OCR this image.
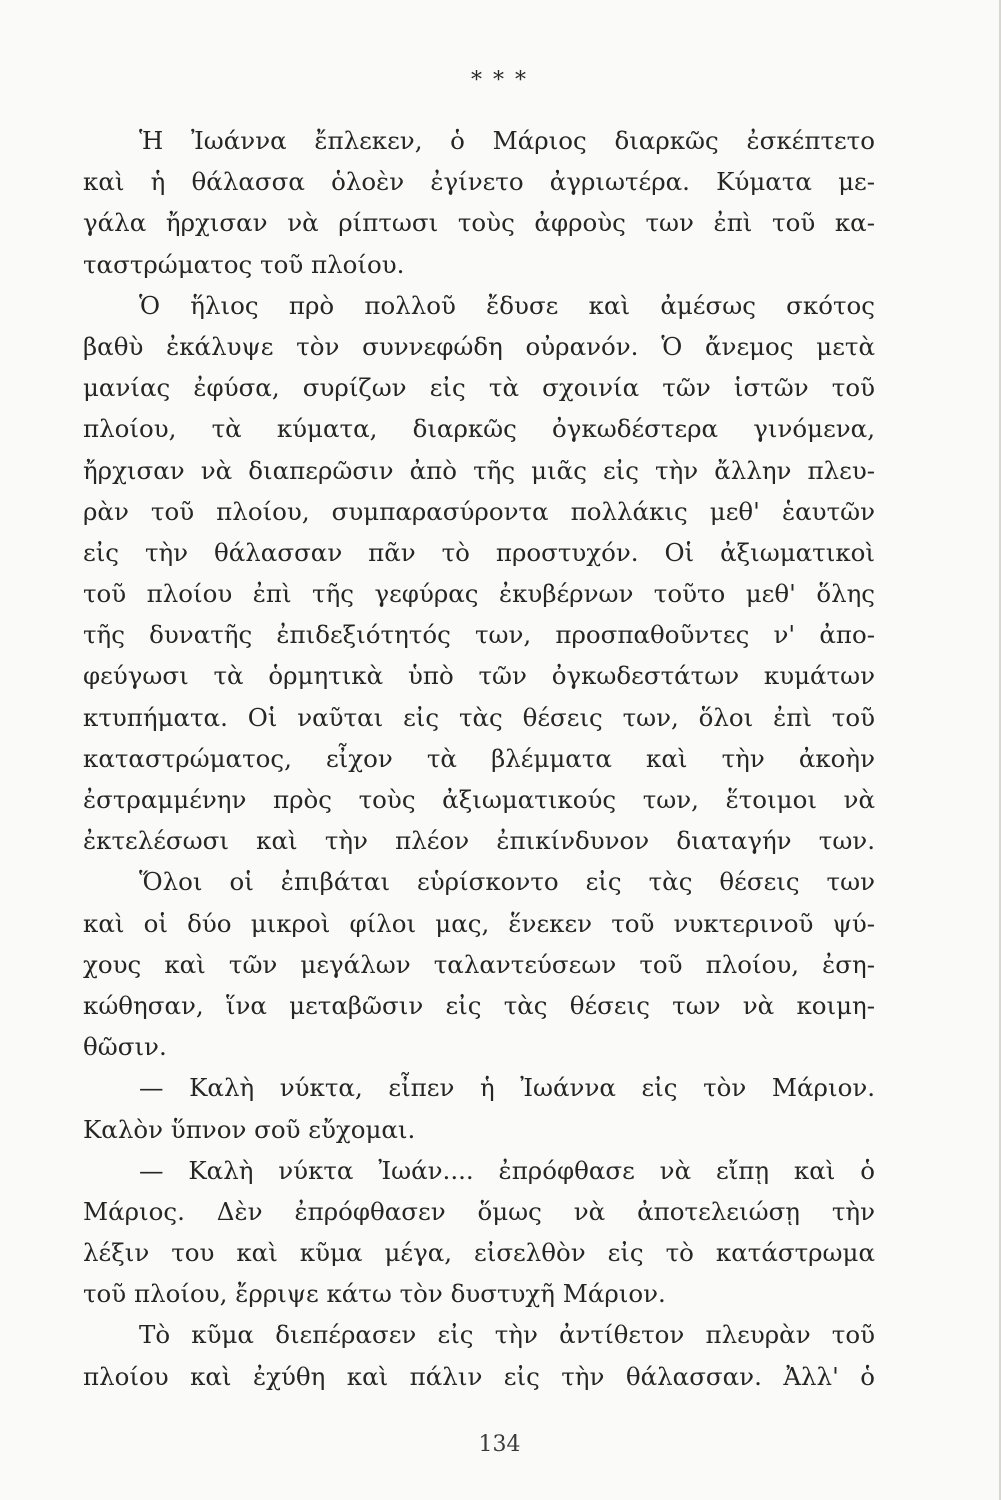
* * *
Ἡ Ἰωάννα ἔπλεκεν, ὁ Μάριος διαρκῶς ἐσκέπτετο
καὶ ἡ θάλασσα ὁλοὲν ἐγίνετο ἀγριωτέρα. Κύματα με-
γάλα ἤρχισαν νὰ ρίπτωσι τοὺς ἀφροὺς των ἐπὶ τοῦ κα-
ταστρώματος τοῦ πλοίου.
Ὁ ἥλιος πρὸ πολλοῦ ἔδυσε καὶ ἀμέσως σκότος
βαθὺ ἐκάλυψε τὸν συννεφώδη οὐρανόν. Ὁ ἄνεμος μετὰ
μανίας ἐφύσα, συρίζων εἰς τὰ σχοινία τῶν ἱστῶν τοῦ
πλοίου, τὰ κύματα, διαρκῶς ὀγκωδέστερα γινόμενα,
ἤρχισαν νὰ διαπερῶσιν ἀπὸ τῆς μιᾶς εἰς τὴν ἄλλην πλευ-
ρὰν τοῦ πλοίου, συμπαρασύροντα πολλάκις μεθ' ἑαυτῶν
εἰς τὴν θάλασσαν πᾶν τὸ προστυχόν. Οἱ ἀξιωματικοὶ
τοῦ πλοίου ἐπὶ τῆς γεφύρας ἐκυβέρνων τοῦτο μεθ' ὅλης
τῆς δυνατῆς ἐπιδεξιότητός των, προσπαθοῦντες ν' ἀπο-
φεύγωσι τὰ ὁρμητικὰ ὑπὸ τῶν ὀγκωδεστάτων κυμάτων
κτυπήματα. Οἱ ναῦται εἰς τὰς θέσεις των, ὅλοι ἐπὶ τοῦ
καταστρώματος, εἶχον τὰ βλέμματα καὶ τὴν ἀκοὴν
ἐστραμμένην πρὸς τοὺς ἀξιωματικούς των, ἕτοιμοι νὰ
ἐκτελέσωσι καὶ τὴν πλέον ἐπικίνδυνον διαταγήν των.
Ὅλοι οἱ ἐπιβάται εὑρίσκοντο εἰς τὰς θέσεις των
καὶ οἱ δύο μικροὶ φίλοι μας, ἕνεκεν τοῦ νυκτερινοῦ ψύ-
χους καὶ τῶν μεγάλων ταλαντεύσεων τοῦ πλοίου, ἐση-
κώθησαν, ἵνα μεταβῶσιν εἰς τὰς θέσεις των νὰ κοιμη-
θῶσιν.
— Καλὴ νύκτα, εἶπεν ἡ Ἰωάννα εἰς τὸν Μάριον.
Καλὸν ὕπνον σοῦ εὔχομαι.
— Καλὴ νύκτα Ἰωάν.... ἐπρόφθασε νὰ εἴπῃ καὶ ὁ
Μάριος. Δὲν ἐπρόφθασεν ὅμως νὰ ἀποτελειώσῃ τὴν
λέξιν του καὶ κῦμα μέγα, εἰσελθὸν εἰς τὸ κατάστρωμα
τοῦ πλοίου, ἔρριψε κάτω τὸν δυστυχῆ Μάριον.
Τὸ κῦμα διεπέρασεν εἰς τὴν ἀντίθετον πλευρὰν τοῦ
πλοίου καὶ ἐχύθη καὶ πάλιν εἰς τὴν θάλασσαν. Ἀλλ' ὁ
134
